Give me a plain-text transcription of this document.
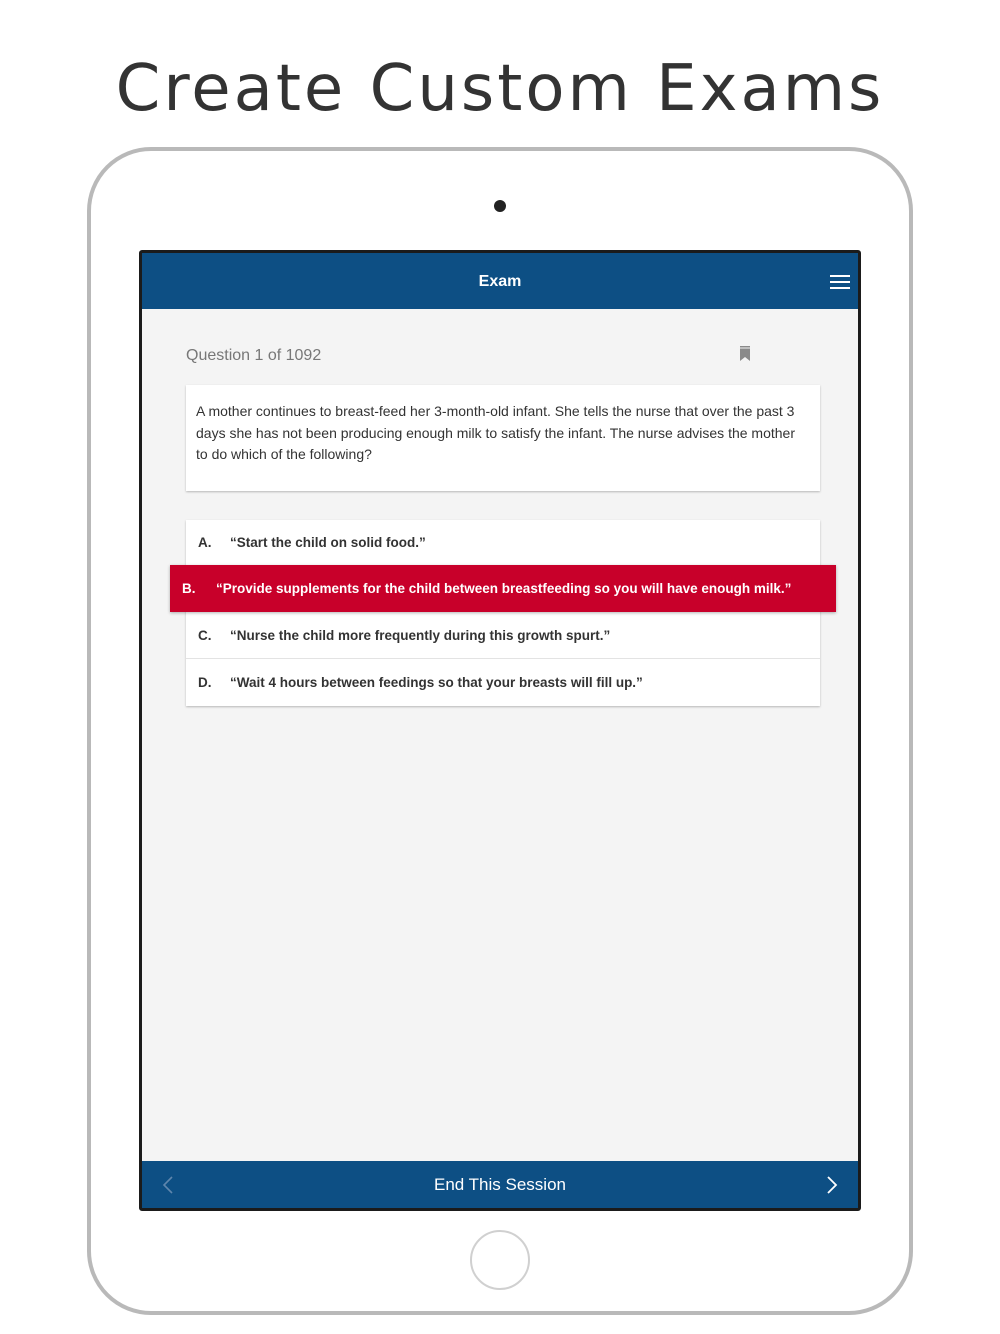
Create Custom Exams
Exam
Question 1 of 1092

A mother continues to breast-feed her 3-month-old infant. She tells the nurse that over the past 3 days she has not been producing enough milk to satisfy the infant. The nurse advises the mother to do which of the following?

A. “Start the child on solid food.”
C. “Nurse the child more frequently during this growth spurt.”
D. “Wait 4 hours between feedings so that your breasts will fill up.”
B. “Provide supplements for the child between breastfeeding so you will have enough milk.”
End This Session
